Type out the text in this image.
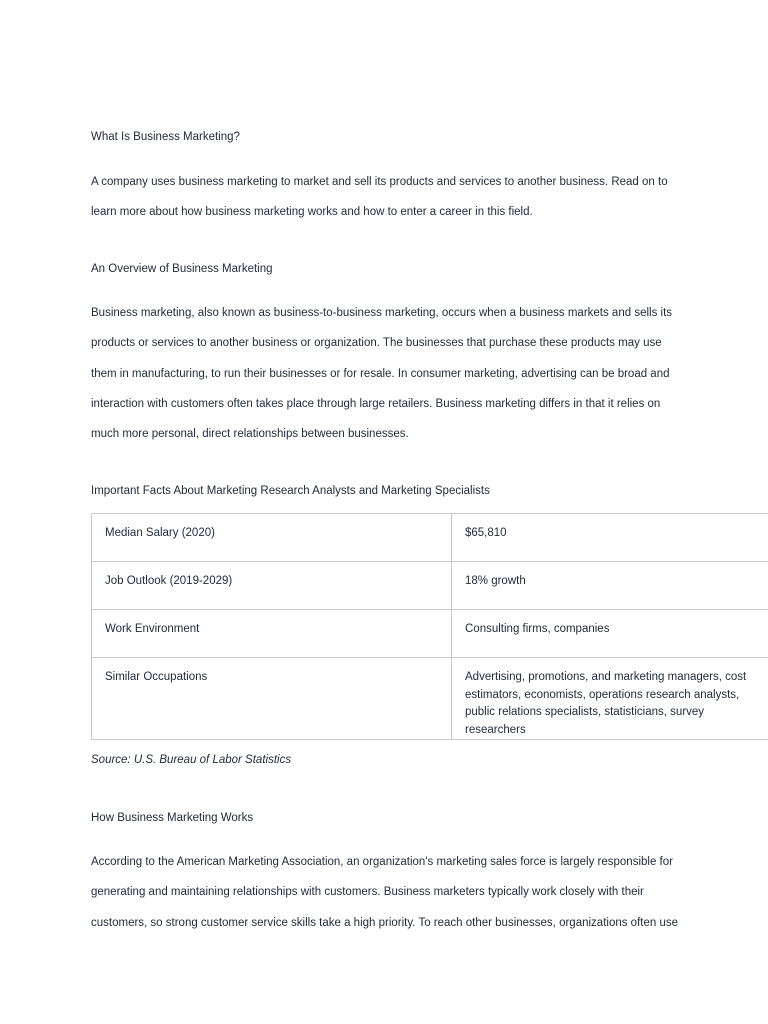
What Is Business Marketing?

A company uses business marketing to market and sell its products and services to another business. Read on to
learn more about how business marketing works and how to enter a career in this field.

An Overview of Business Marketing

Business marketing, also known as business-to-business marketing, occurs when a business markets and sells its
products or services to another business or organization. The businesses that purchase these products may use
them in manufacturing, to run their businesses or for resale. In consumer marketing, advertising can be broad and
interaction with customers often takes place through large retailers. Business marketing differs in that it relies on
much more personal, direct relationships between businesses.

Important Facts About Marketing Research Analysts and Marketing Specialists
Median Salary (2020)	$65,810
Job Outlook (2019-2029)	18% growth
Work Environment	Consulting firms, companies
Similar Occupations	Advertising, promotions, and marketing managers, cost estimators, economists, operations research analysts, public relations specialists, statisticians, survey researchers
Source: U.S. Bureau of Labor Statistics
How Business Marketing Works

According to the American Marketing Association, an organization's marketing sales force is largely responsible for
generating and maintaining relationships with customers. Business marketers typically work closely with their
customers, so strong customer service skills take a high priority. To reach other businesses, organizations often use
